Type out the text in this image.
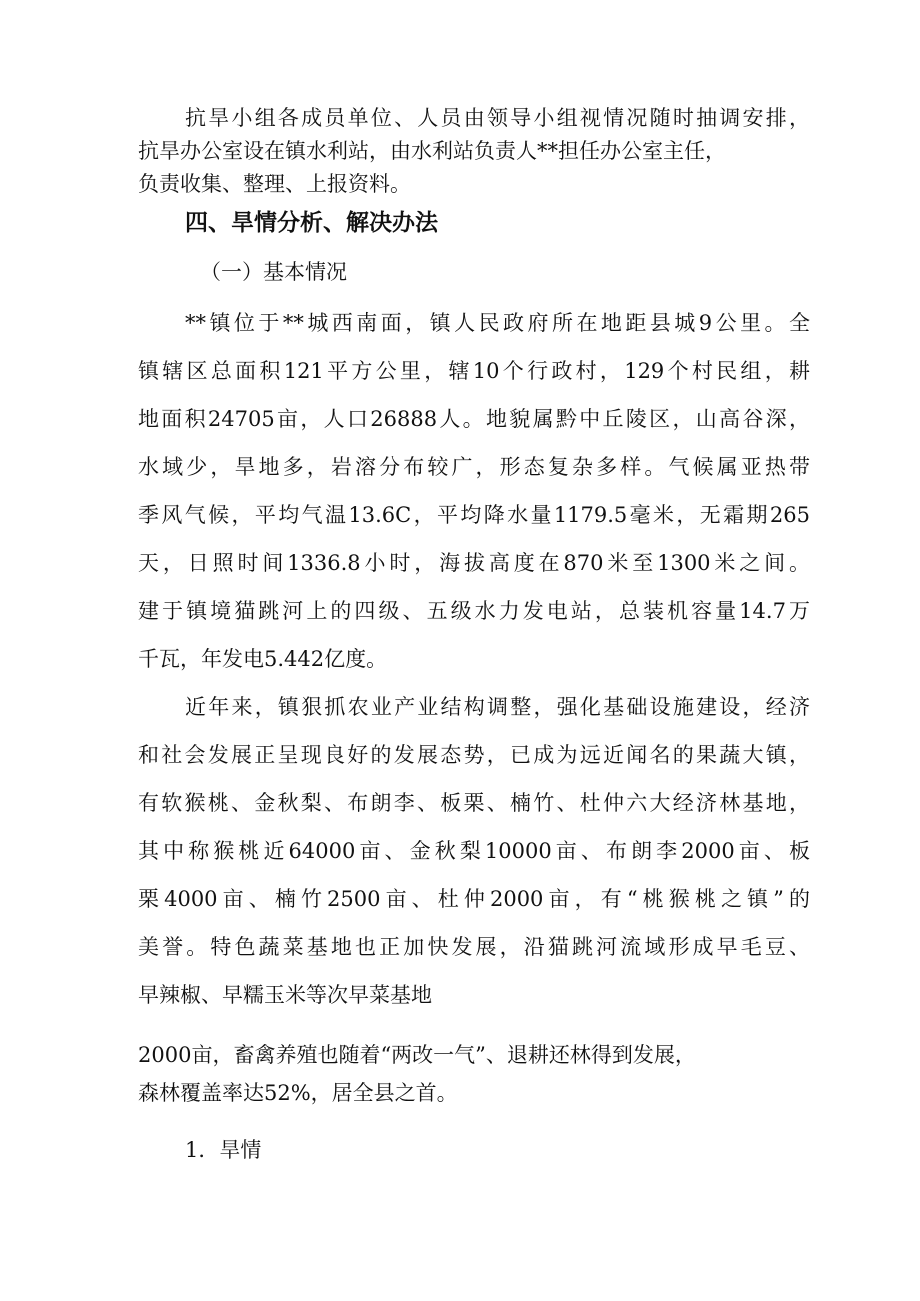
抗旱小组各成员单位、人员由领导小组视情况随时抽调安排，
抗旱办公室设在镇水利站，由水利站负责人**担任办公室主任，
负责收集、整理、上报资料。
四、旱情分析、解决办法
（一）基本情况
**镇位于**城西南面，镇人民政府所在地距县城9公里。全
镇辖区总面积121平方公里，辖10个行政村，129个村民组，耕
地面积24705亩，人口26888人。地貌属黔中丘陵区，山高谷深，
水域少，旱地多，岩溶分布较广，形态复杂多样。气候属亚热带
季风气候，平均气温13.6C，平均降水量1179.5毫米，无霜期265
天，日照时间1336.8小时，海拔高度在870米至1300米之间。
建于镇境猫跳河上的四级、五级水力发电站，总装机容量14.7万
千瓦，年发电5.442亿度。
近年来，镇狠抓农业产业结构调整，强化基础设施建设，经济
和社会发展正呈现良好的发展态势，已成为远近闻名的果蔬大镇，
有软猴桃、金秋梨、布朗李、板栗、楠竹、杜仲六大经济林基地，
其中称猴桃近64000亩、金秋梨10000亩、布朗李2000亩、板
栗4000亩、楠竹2500亩、杜仲2000亩，有“桃猴桃之镇”的
美誉。特色蔬菜基地也正加快发展，沿猫跳河流域形成早毛豆、
早辣椒、早糯玉米等次早菜基地
2000亩，畜禽养殖也随着“两改一气”、退耕还林得到发展，
森林覆盖率达52%，居全县之首。
1．旱情
